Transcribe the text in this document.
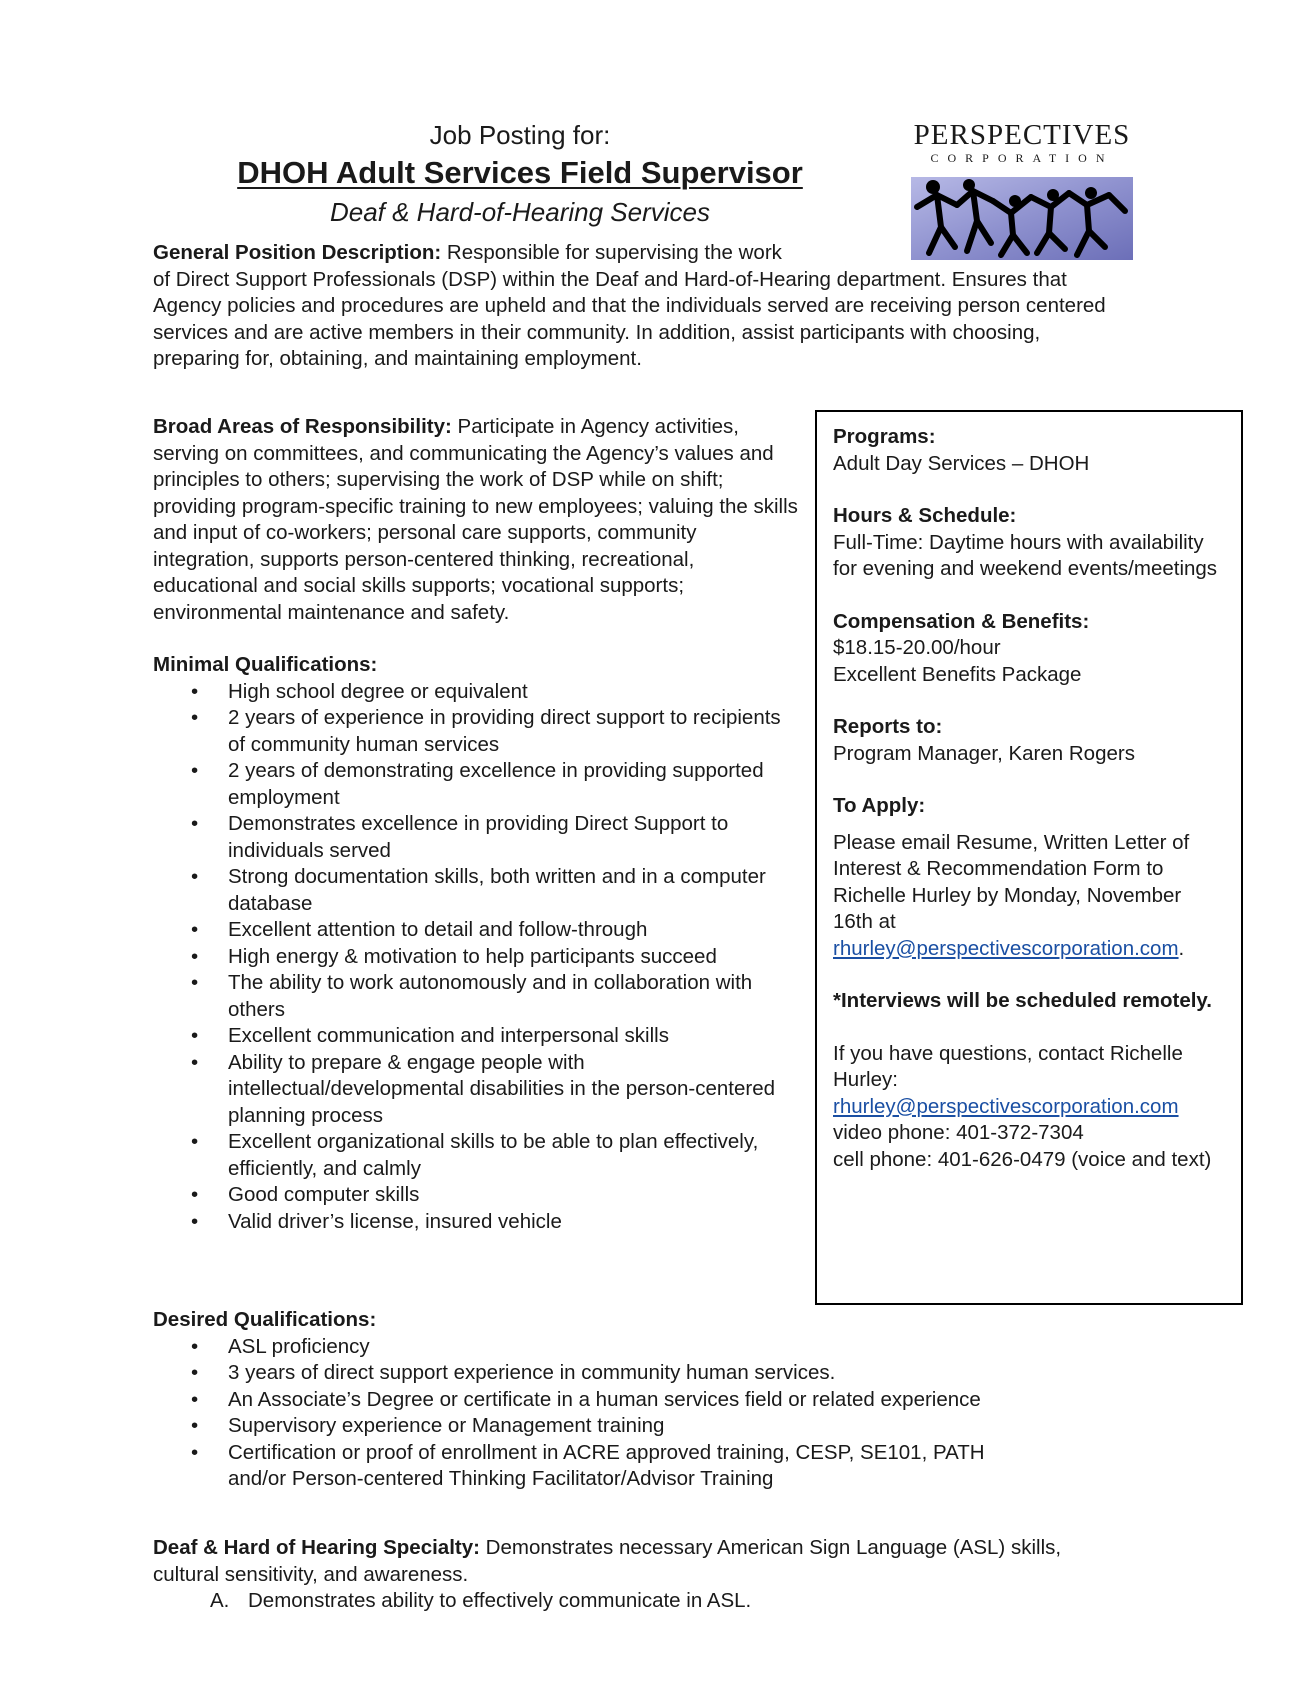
Job Posting for:
DHOH Adult Services Field Supervisor
Deaf & Hard-of-Hearing Services
PERSPECTIVES
CORPORATION

General Position Description: Responsible for supervising the work
of Direct Support Professionals (DSP) within the Deaf and Hard-of-Hearing department. Ensures that Agency policies and procedures are upheld and that the individuals served are receiving person centered services and are active members in their community. In addition, assist participants with choosing, preparing for, obtaining, and maintaining employment.

Broad Areas of Responsibility: Participate in Agency activities, serving on committees, and communicating the Agency’s values and principles to others; supervising the work of DSP while on shift; providing program-specific training to new employees; valuing the skills and input of co-workers; personal care supports, community integration, supports person-centered thinking, recreational, educational and social skills supports; vocational supports; environmental maintenance and safety.

Minimal Qualifications:
• High school degree or equivalent
• 2 years of experience in providing direct support to recipients of community human services
• 2 years of demonstrating excellence in providing supported employment
• Demonstrates excellence in providing Direct Support to individuals served
• Strong documentation skills, both written and in a computer database
• Excellent attention to detail and follow-through
• High energy & motivation to help participants succeed
• The ability to work autonomously and in collaboration with others
• Excellent communication and interpersonal skills
• Ability to prepare & engage people with intellectual/developmental disabilities in the person-centered planning process
• Excellent organizational skills to be able to plan effectively, efficiently, and calmly
• Good computer skills
• Valid driver’s license, insured vehicle

Programs:

Adult Day Services – DHOH

Hours & Schedule:

Full-Time: Daytime hours with availability for evening and weekend events/meetings

Compensation & Benefits:

$18.15-20.00/hour

Excellent Benefits Package

Reports to:

Program Manager, Karen Rogers

To Apply:

Please email Resume, Written Letter of Interest & Recommendation Form to Richelle Hurley by Monday, November 16th at rhurley@perspectivescorporation.com.

*Interviews will be scheduled remotely.

If you have questions, contact Richelle Hurley:

rhurley@perspectivescorporation.com

video phone: 401-372-7304

cell phone: 401-626-0479 (voice and text)

Desired Qualifications:
• ASL proficiency
• 3 years of direct support experience in community human services.
• An Associate’s Degree or certificate in a human services field or related experience
• Supervisory experience or Management training
• Certification or proof of enrollment in ACRE approved training, CESP, SE101, PATH and/or Person-centered Thinking Facilitator/Advisor Training

Deaf & Hard of Hearing Specialty: Demonstrates necessary American Sign Language (ASL) skills, cultural sensitivity, and awareness.

A. Demonstrates ability to effectively communicate in ASL.
